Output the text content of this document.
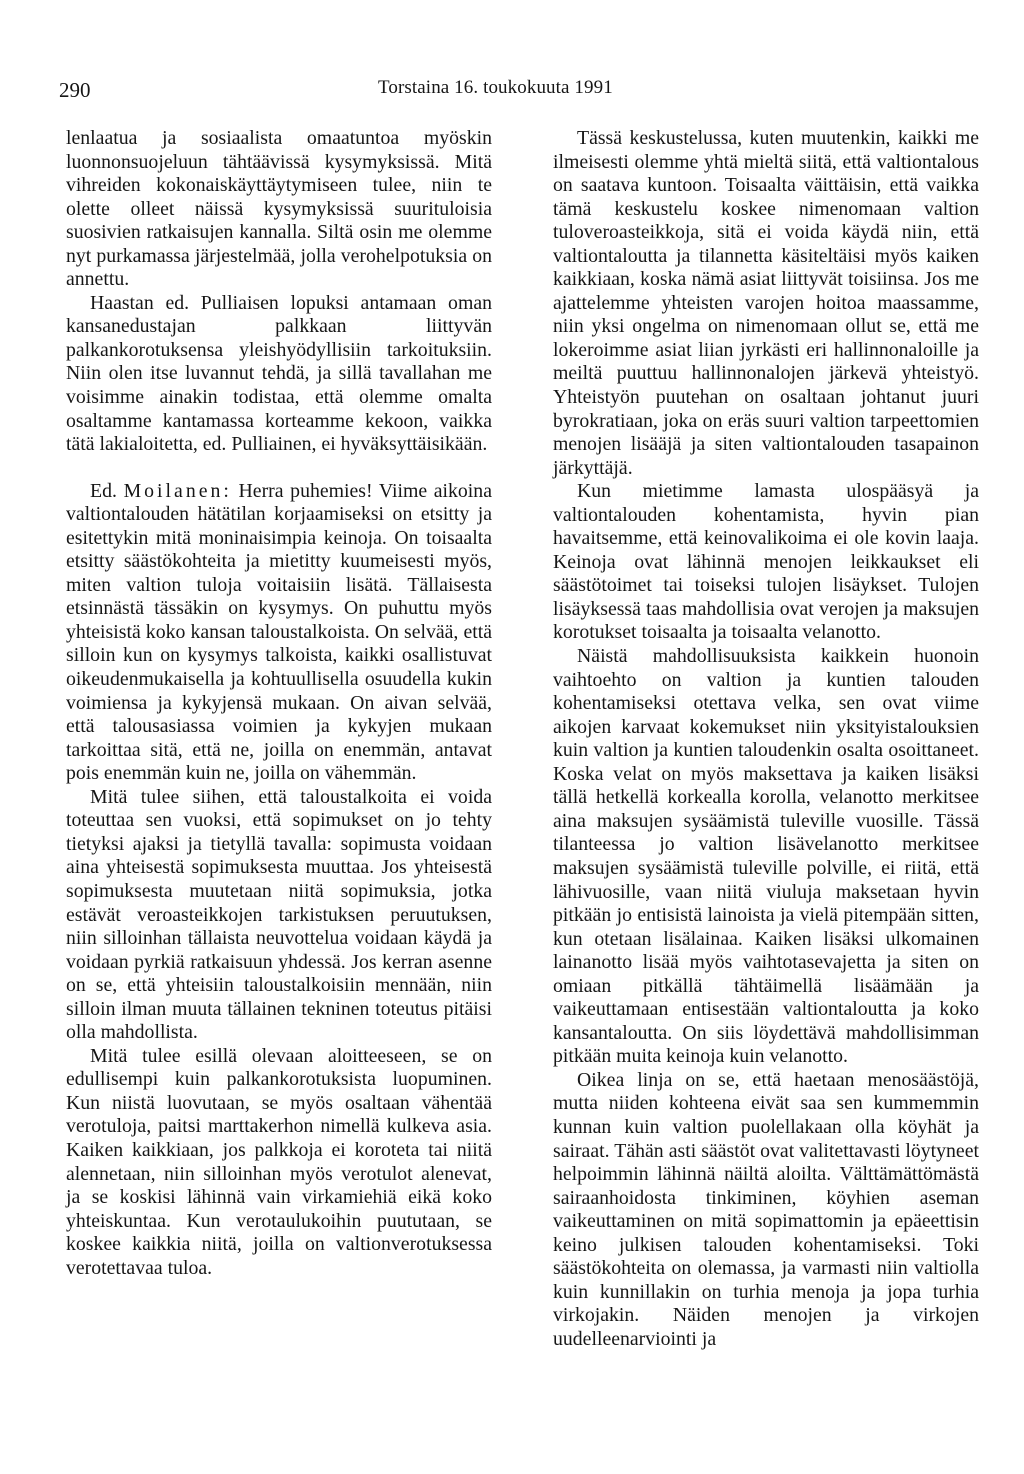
290	Torstaina 16. toukokuuta 1991

lenlaatua ja sosiaalista omaatuntoa myöskin luonnonsuojeluun tähtäävissä kysymyksissä. Mitä vihreiden kokonaiskäyttäytymiseen tulee, niin te olette olleet näissä kysymyksissä suurituloisia suosivien ratkaisujen kannalla. Siltä osin me olemme nyt purkamassa järjestelmää, jolla verohelpotuksia on annettu.

Haastan ed. Pulliaisen lopuksi antamaan oman kansanedustajan palkkaan liittyvän palkankorotuksensa yleishyödyllisiin tarkoituksiin. Niin olen itse luvannut tehdä, ja sillä tavallahan me voisimme ainakin todistaa, että olemme omalta osaltamme kantamassa korteamme kekoon, vaikka tätä lakialoitetta, ed. Pulliainen, ei hyväksyttäisikään.

Ed. Moilanen: Herra puhemies! Viime aikoina valtiontalouden hätätilan korjaamiseksi on etsitty ja esitettykin mitä moninaisimpia keinoja. On toisaalta etsitty säästökohteita ja mietitty kuumeisesti myös, miten valtion tuloja voitaisiin lisätä. Tällaisesta etsinnästä tässäkin on kysymys. On puhuttu myös yhteisistä koko kansan taloustalkoista. On selvää, että silloin kun on kysymys talkoista, kaikki osallistuvat oikeudenmukaisella ja kohtuullisella osuudella kukin voimiensa ja kykyjensä mukaan. On aivan selvää, että talousasiassa voimien ja kykyjen mukaan tarkoittaa sitä, että ne, joilla on enemmän, antavat pois enemmän kuin ne, joilla on vähemmän.

Mitä tulee siihen, että taloustalkoita ei voida toteuttaa sen vuoksi, että sopimukset on jo tehty tietyksi ajaksi ja tietyllä tavalla: sopimusta voidaan aina yhteisestä sopimuksesta muuttaa. Jos yhteisestä sopimuksesta muutetaan niitä sopimuksia, jotka estävät veroasteikkojen tarkistuksen peruutuksen, niin silloinhan tällaista neuvottelua voidaan käydä ja voidaan pyrkiä ratkaisuun yhdessä. Jos kerran asenne on se, että yhteisiin taloustalkoisiin mennään, niin silloin ilman muuta tällainen tekninen toteutus pitäisi olla mahdollista.

Mitä tulee esillä olevaan aloitteeseen, se on edullisempi kuin palkankorotuksista luopuminen. Kun niistä luovutaan, se myös osaltaan vähentää verotuloja, paitsi marttakerhon nimellä kulkeva asia. Kaiken kaikkiaan, jos palkkoja ei koroteta tai niitä alennetaan, niin silloinhan myös verotulot alenevat, ja se koskisi lähinnä vain virkamiehiä eikä koko yhteiskuntaa. Kun verotaulukoihin puututaan, se koskee kaikkia niitä, joilla on valtionverotuksessa verotettavaa tuloa.

Tässä keskustelussa, kuten muutenkin, kaikki me ilmeisesti olemme yhtä mieltä siitä, että valtiontalous on saatava kuntoon. Toisaalta väittäisin, että vaikka tämä keskustelu koskee nimenomaan valtion tuloveroasteikkoja, sitä ei voida käydä niin, että valtiontaloutta ja tilannetta käsiteltäisi myös kaiken kaikkiaan, koska nämä asiat liittyvät toisiinsa. Jos me ajattelemme yhteisten varojen hoitoa maassamme, niin yksi ongelma on nimenomaan ollut se, että me lokeroimme asiat liian jyrkästi eri hallinnonaloille ja meiltä puuttuu hallinnonalojen järkevä yhteistyö. Yhteistyön puutehan on osaltaan johtanut juuri byrokratiaan, joka on eräs suuri valtion tarpeettomien menojen lisääjä ja siten valtiontalouden tasapainon järkyttäjä.

Kun mietimme lamasta ulospääsyä ja valtiontalouden kohentamista, hyvin pian havaitsemme, että keinovalikoima ei ole kovin laaja. Keinoja ovat lähinnä menojen leikkaukset eli säästötoimet tai toiseksi tulojen lisäykset. Tulojen lisäyksessä taas mahdollisia ovat verojen ja maksujen korotukset toisaalta ja toisaalta velanotto.

Näistä mahdollisuuksista kaikkein huonoin vaihtoehto on valtion ja kuntien talouden kohentamiseksi otettava velka, sen ovat viime aikojen karvaat kokemukset niin yksityistalouksien kuin valtion ja kuntien taloudenkin osalta osoittaneet. Koska velat on myös maksettava ja kaiken lisäksi tällä hetkellä korkealla korolla, velanotto merkitsee aina maksujen sysäämistä tuleville vuosille. Tässä tilanteessa jo valtion lisävelanotto merkitsee maksujen sysäämistä tuleville polville, ei riitä, että lähivuosille, vaan niitä viuluja maksetaan hyvin pitkään jo entisistä lainoista ja vielä pitempään sitten, kun otetaan lisälainaa. Kaiken lisäksi ulkomainen lainanotto lisää myös vaihtotasevajetta ja siten on omiaan pitkällä tähtäimellä lisäämään ja vaikeuttamaan entisestään valtiontaloutta ja koko kansantaloutta. On siis löydettävä mahdollisimman pitkään muita keinoja kuin velanotto.

Oikea linja on se, että haetaan menosäästöjä, mutta niiden kohteena eivät saa sen kummemmin kunnan kuin valtion puolellakaan olla köyhät ja sairaat. Tähän asti säästöt ovat valitettavasti löytyneet helpoimmin lähinnä näiltä aloilta. Välttämättömästä sairaanhoidosta tinkiminen, köyhien aseman vaikeuttaminen on mitä sopimattomin ja epäeettisin keino julkisen talouden kohentamiseksi. Toki säästökohteita on olemassa, ja varmasti niin valtiolla kuin kunnillakin on turhia menoja ja jopa turhia virkojakin. Näiden menojen ja virkojen uudelleenarviointi ja
